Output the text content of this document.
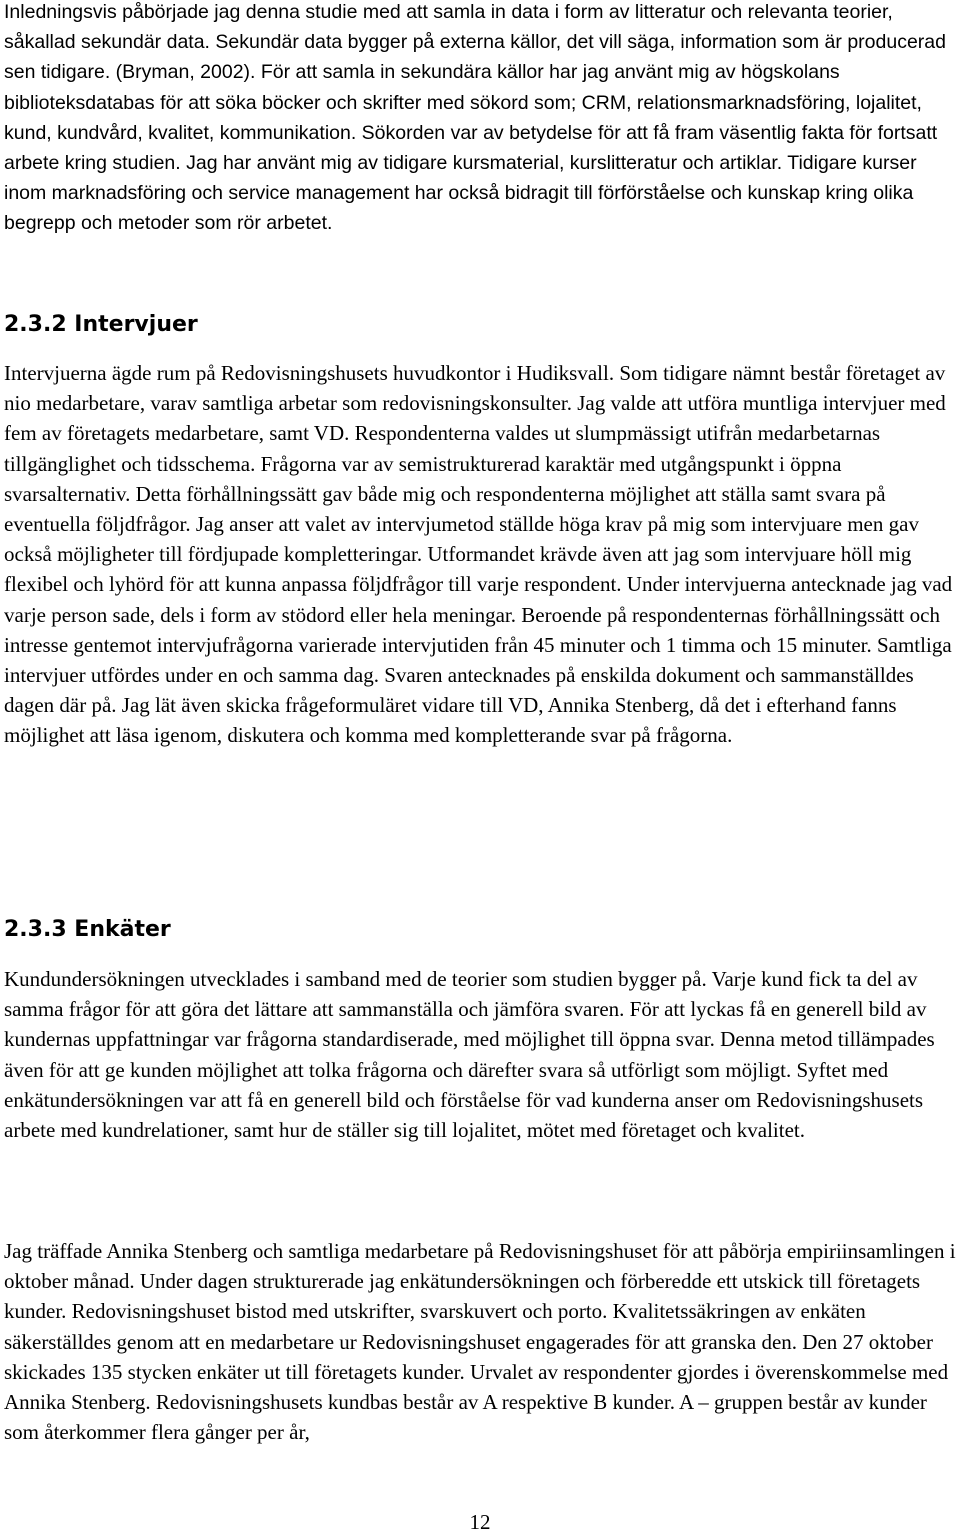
Inledningsvis påbörjade jag denna studie med att samla in data i form av litteratur och relevanta teorier, såkallad sekundär data. Sekundär data bygger på externa källor, det vill säga, information som är producerad sen tidigare. (Bryman, 2002). För att samla in sekundära källor har jag använt mig av högskolans biblioteksdatabas för att söka böcker och skrifter med sökord som; CRM, relationsmarknadsföring, lojalitet, kund, kundvård, kvalitet, kommunikation. Sökorden var av betydelse för att få fram väsentlig fakta för fortsatt arbete kring studien. Jag har använt mig av tidigare kursmaterial, kurslitteratur och artiklar. Tidigare kurser inom marknadsföring och service management har också bidragit till förförståelse och kunskap kring olika begrepp och metoder som rör arbetet.

2.3.2 Intervjuer

Intervjuerna ägde rum på Redovisningshusets huvudkontor i Hudiksvall. Som tidigare nämnt består företaget av nio medarbetare, varav samtliga arbetar som redovisningskonsulter. Jag valde att utföra muntliga intervjuer med fem av företagets medarbetare, samt VD. Respondenterna valdes ut slumpmässigt utifrån medarbetarnas tillgänglighet och tidsschema. Frågorna var av semistrukturerad karaktär med utgångspunkt i öppna svarsalternativ. Detta förhållningssätt gav både mig och respondenterna möjlighet att ställa samt svara på eventuella följdfrågor. Jag anser att valet av intervjumetod ställde höga krav på mig som intervjuare men gav också möjligheter till fördjupade kompletteringar. Utformandet krävde även att jag som intervjuare höll mig flexibel och lyhörd för att kunna anpassa följdfrågor till varje respondent. Under intervjuerna antecknade jag vad varje person sade, dels i form av stödord eller hela meningar. Beroende på respondenternas förhållningssätt och intresse gentemot intervjufrågorna varierade intervjutiden från 45 minuter och 1 timma och 15 minuter. Samtliga intervjuer utfördes under en och samma dag. Svaren antecknades på enskilda dokument och sammanställdes dagen där på. Jag lät även skicka frågeformuläret vidare till VD, Annika Stenberg, då det i efterhand fanns möjlighet att läsa igenom, diskutera och komma med kompletterande svar på frågorna.

2.3.3 Enkäter

Kundundersökningen utvecklades i samband med de teorier som studien bygger på. Varje kund fick ta del av samma frågor för att göra det lättare att sammanställa och jämföra svaren. För att lyckas få en generell bild av kundernas uppfattningar var frågorna standardiserade, med möjlighet till öppna svar. Denna metod tillämpades även för att ge kunden möjlighet att tolka frågorna och därefter svara så utförligt som möjligt. Syftet med enkätundersökningen var att få en generell bild och förståelse för vad kunderna anser om Redovisningshusets arbete med kundrelationer, samt hur de ställer sig till lojalitet, mötet med företaget och kvalitet.

Jag träffade Annika Stenberg och samtliga medarbetare på Redovisningshuset för att påbörja empiriinsamlingen i oktober månad. Under dagen strukturerade jag enkätundersökningen och förberedde ett utskick till företagets kunder. Redovisningshuset bistod med utskrifter, svarskuvert och porto. Kvalitetssäkringen av enkäten säkerställdes genom att en medarbetare ur Redovisningshuset engagerades för att granska den. Den 27 oktober skickades 135 stycken enkäter ut till företagets kunder. Urvalet av respondenter gjordes i överenskommelse med Annika Stenberg. Redovisningshusets kundbas består av A respektive B kunder. A – gruppen består av kunder som återkommer flera gånger per år,

12
